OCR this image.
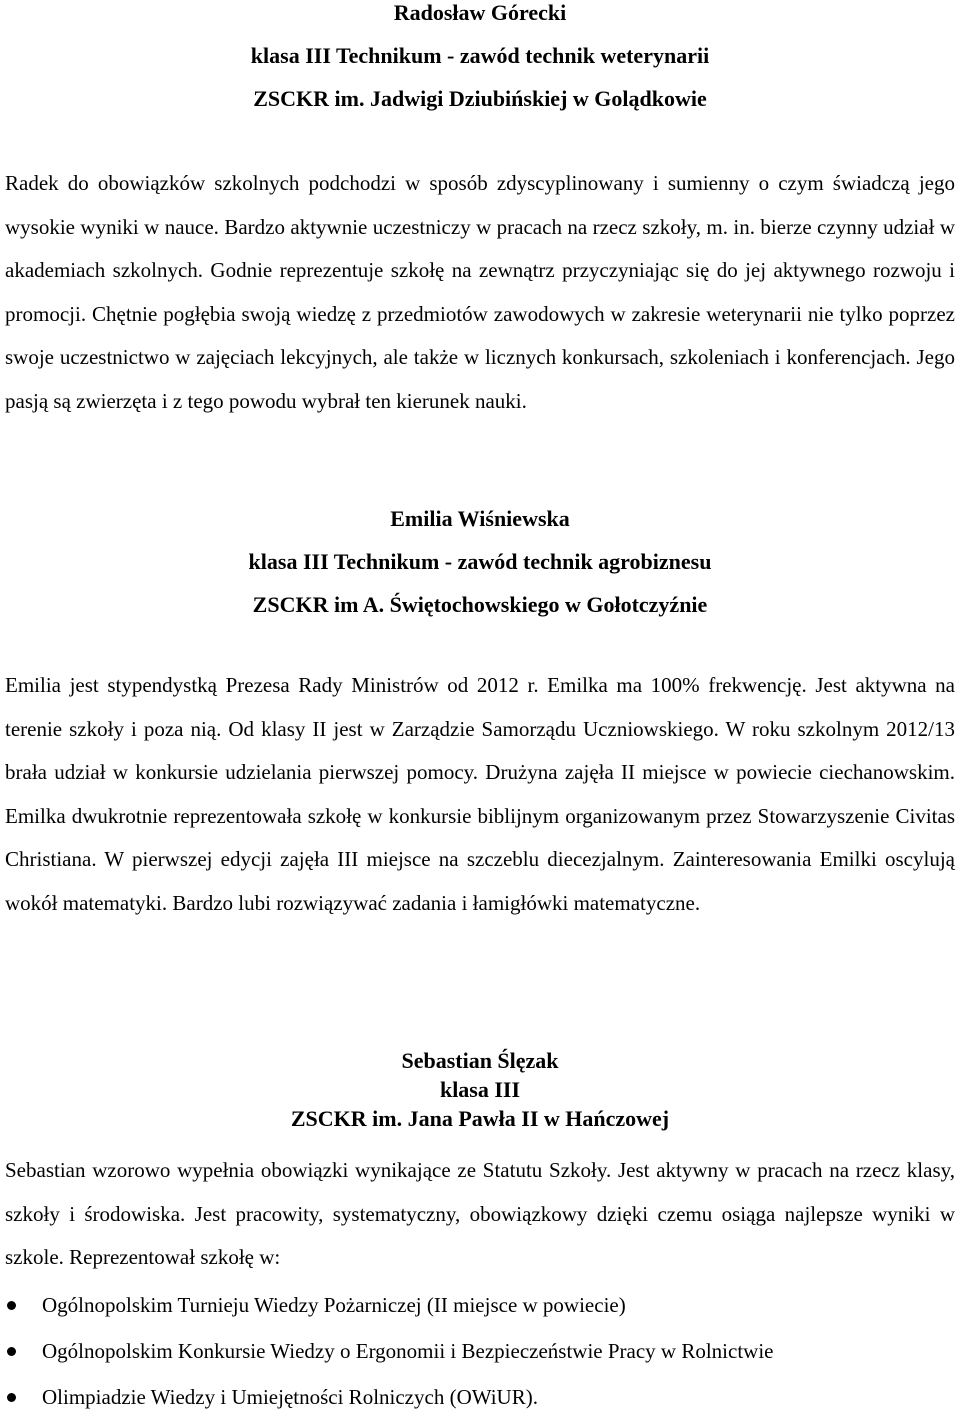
Radosław Górecki

klasa III Technikum - zawód technik weterynarii

ZSCKR im. Jadwigi Dziubińskiej w Golądkowie

Radek do obowiązków szkolnych podchodzi w sposób zdyscyplinowany i sumienny o czym świadczą jego wysokie wyniki w nauce. Bardzo aktywnie uczestniczy w pracach na rzecz szkoły, m. in. bierze czynny udział w akademiach szkolnych. Godnie reprezentuje szkołę na zewnątrz przyczyniając się do jej aktywnego rozwoju i promocji. Chętnie pogłębia swoją wiedzę z przedmiotów zawodowych w zakresie weterynarii nie tylko poprzez swoje uczestnictwo w zajęciach lekcyjnych, ale także w licznych konkursach, szkoleniach i konferencjach. Jego pasją są zwierzęta i z tego powodu wybrał ten kierunek nauki.

Emilia Wiśniewska

klasa III Technikum - zawód technik agrobiznesu

ZSCKR im A. Świętochowskiego w Gołotczyźnie

Emilia jest stypendystką Prezesa Rady Ministrów od 2012 r. Emilka ma 100% frekwencję. Jest aktywna na terenie szkoły i poza nią. Od klasy II jest w Zarządzie Samorządu Uczniowskiego. W roku szkolnym 2012/13 brała udział w konkursie udzielania pierwszej pomocy. Drużyna zajęła II miejsce w powiecie ciechanowskim. Emilka dwukrotnie reprezentowała szkołę w konkursie biblijnym organizowanym przez Stowarzyszenie Civitas Christiana. W pierwszej edycji zajęła III miejsce na szczeblu diecezjalnym. Zainteresowania Emilki oscylują wokół matematyki. Bardzo lubi rozwiązywać zadania i łamigłówki matematyczne.

Sebastian Ślęzak

klasa III

ZSCKR im. Jana Pawła II w Hańczowej

Sebastian wzorowo wypełnia obowiązki wynikające ze Statutu Szkoły. Jest aktywny w pracach na rzecz klasy, szkoły i środowiska. Jest pracowity, systematyczny, obowiązkowy dzięki czemu osiąga najlepsze wyniki w szkole. Reprezentował szkołę w:

Ogólnopolskim Turnieju Wiedzy Pożarniczej (II miejsce w powiecie)
Ogólnopolskim Konkursie Wiedzy o Ergonomii i Bezpieczeństwie Pracy w Rolnictwie
Olimpiadzie Wiedzy i Umiejętności Rolniczych (OWiUR).
